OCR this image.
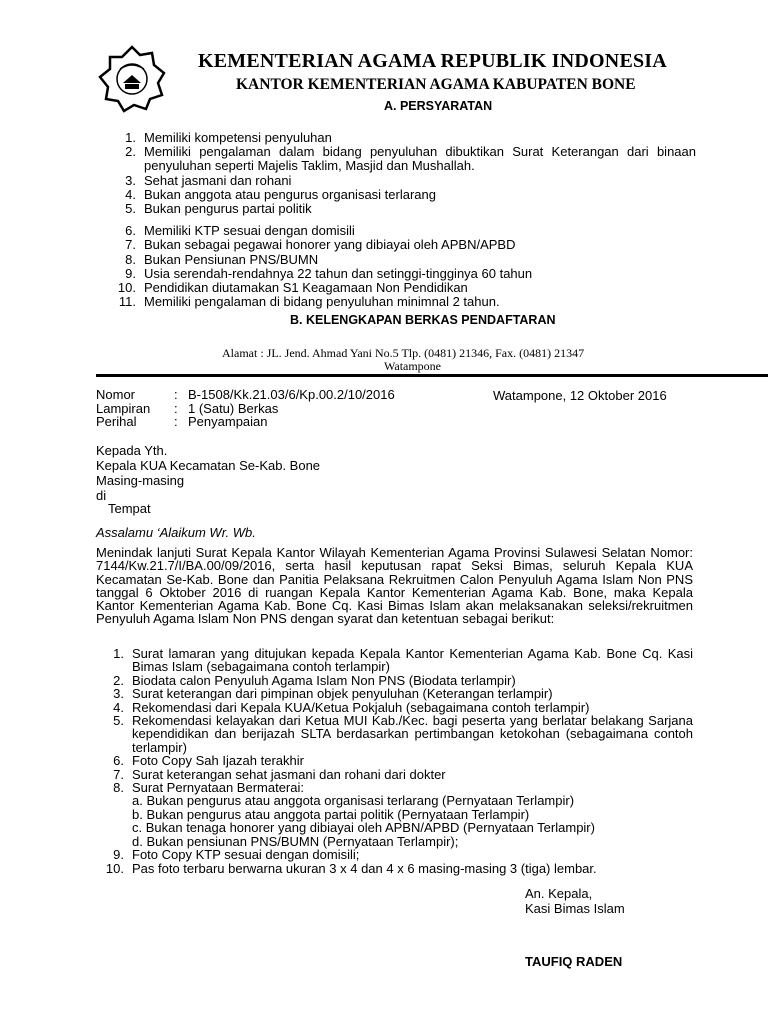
KEMENTERIAN AGAMA REPUBLIK INDONESIA
KANTOR KEMENTERIAN AGAMA KABUPATEN BONE
A. PERSYARATAN
1. Memiliki kompetensi penyuluhan
2. Memiliki pengalaman dalam bidang penyuluhan dibuktikan Surat Keterangan dari binaan penyuluhan seperti Majelis Taklim, Masjid dan Mushallah.
3. Sehat jasmani dan rohani
4. Bukan anggota atau pengurus organisasi terlarang
5. Bukan pengurus partai politik
6. Memiliki KTP sesuai dengan domisili
7. Bukan sebagai pegawai honorer yang dibiayai oleh APBN/APBD
8. Bukan Pensiunan PNS/BUMN
9. Usia serendah-rendahnya 22 tahun dan setinggi-tingginya 60 tahun
10. Pendidikan diutamakan S1 Keagamaan Non Pendidikan
11. Memiliki pengalaman di bidang penyuluhan minimnal 2 tahun.
B. KELENGKAPAN BERKAS PENDAFTARAN
Alamat : JL. Jend. Ahmad Yani No.5 Tlp. (0481) 21346, Fax. (0481) 21347
Watampone
Nomor	: B-1508/Kk.21.03/6/Kp.00.2/10/2016
Lampiran	: 1 (Satu) Berkas
Perihal	: Penyampaian
Watampone, 12 Oktober 2016
Kepada Yth.
Kepala KUA Kecamatan Se-Kab. Bone
Masing-masing
di
Tempat
Assalamu ‘Alaikum Wr. Wb.
Menindak lanjuti Surat Kepala Kantor Wilayah Kementerian Agama Provinsi Sulawesi Selatan Nomor: 7144/Kw.21.7/I/BA.00/09/2016, serta hasil keputusan rapat Seksi Bimas, seluruh Kepala KUA Kecamatan Se-Kab. Bone dan Panitia Pelaksana Rekruitmen Calon Penyuluh Agama Islam Non PNS tanggal 6 Oktober 2016 di ruangan Kepala Kantor Kementerian Agama Kab. Bone, maka Kepala Kantor Kementerian Agama Kab. Bone Cq. Kasi Bimas Islam akan melaksanakan seleksi/rekruitmen Penyuluh Agama Islam Non PNS dengan syarat dan ketentuan sebagai berikut:
1. Surat lamaran yang ditujukan kepada Kepala Kantor Kementerian Agama Kab. Bone Cq. Kasi Bimas Islam (sebagaimana contoh terlampir)
2. Biodata calon Penyuluh Agama Islam Non PNS (Biodata terlampir)
3. Surat keterangan dari pimpinan objek penyuluhan (Keterangan terlampir)
4. Rekomendasi dari Kepala KUA/Ketua Pokjaluh (sebagaimana contoh terlampir)
5. Rekomendasi kelayakan dari Ketua MUI Kab./Kec. bagi peserta yang berlatar belakang Sarjana kependidikan dan berijazah SLTA berdasarkan pertimbangan ketokohan (sebagaimana contoh terlampir)
6. Foto Copy Sah Ijazah terakhir
7. Surat keterangan sehat jasmani dan rohani dari dokter
8. Surat Pernyataan Bermaterai:
a. Bukan pengurus atau anggota organisasi terlarang (Pernyataan Terlampir)
b. Bukan pengurus atau anggota partai politik (Pernyataan Terlampir)
c. Bukan tenaga honorer yang dibiayai oleh APBN/APBD (Pernyataan Terlampir)
d. Bukan pensiunan PNS/BUMN (Pernyataan Terlampir);
9. Foto Copy KTP sesuai dengan domisili;
10. Pas foto terbaru berwarna ukuran 3 x 4 dan 4 x 6 masing-masing 3 (tiga) lembar.
An. Kepala,
Kasi Bimas Islam
TAUFIQ RADEN
